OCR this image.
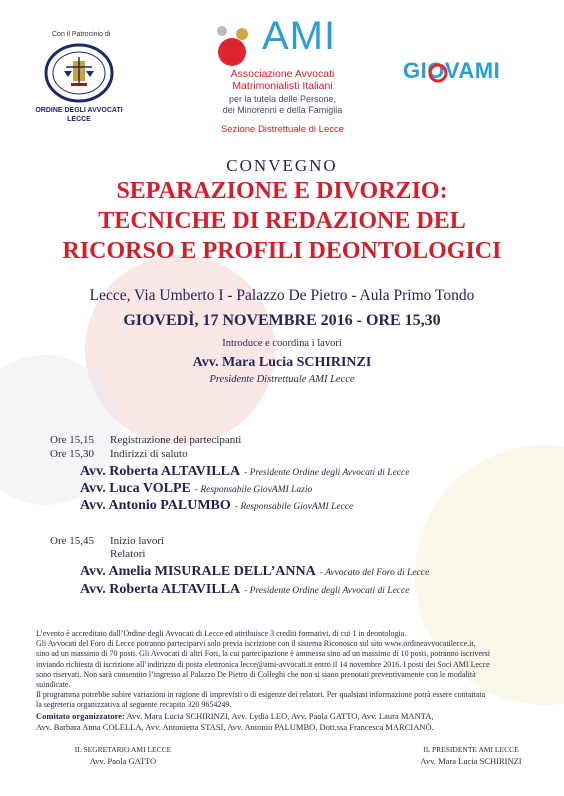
Con il Patrocinio di
ORDINE DEGLI AVVOCATI
LECCE
AMI
Associazione Avvocati
Matrimonialisti Italiani
per la tutela delle Persone,
dei Minorenni e della Famiglia
Sezione Distrettuale di Lecce
GIOVAMI
CONVEGNO
SEPARAZIONE E DIVORZIO:
TECNICHE DI REDAZIONE DEL
RICORSO E PROFILI DEONTOLOGICI
Lecce, Via Umberto I - Palazzo De Pietro - Aula Primo Tondo
GIOVEDÌ, 17 NOVEMBRE 2016 - ORE 15,30
Introduce e coordina i lavori
Avv. Mara Lucia SCHIRINZI
Presidente Distrettuale AMI Lecce
Ore 15,15 Registrazione dei partecipanti
Ore 15,30 Indirizzi di saluto
Avv. Roberta ALTAVILLA - Presidente Ordine degli Avvocati di Lecce
Avv. Luca VOLPE - Responsabile GiovAMI Lazio
Avv. Antonio PALUMBO - Responsabile GiovAMI Lecce
Ore 15,45 Inizio lavori
Relatori
Avv. Amelia MISURALE DELL’ANNA - Avvocato del Foro di Lecce
Avv. Roberta ALTAVILLA - Presidente Ordine degli Avvocati di Lecce
L’evento è accreditato dall’Ordine degli Avvocati di Lecce ed attribuisce 3 crediti formativi, di cui 1 in deontologia.
Gli Avvocati del Foro di Lecce potranno parteciparvi solo previa iscrizione con il sistema Riconosco sul sito www.ordineavvocatilecce.it,
sino ad un massimo di 70 posti. Gli Avvocati di altri Fori, la cui partecipazione è ammessa sino ad un massimo di 10 posti, potranno iscriversi
inviando richiesta di iscrizione all’indirizzo di posta elettronica lecce@ami-avvocati.it entro il 14 novembre 2016. I posti dei Soci AMI Lecce
sono riservati. Non sarà consentito l’ingresso al Palazzo De Pietro di Colleghi che non si siano prenotati preventivamente con le modalità
suindicate.
Il programma potrebbe subire variazioni in ragione di imprevisti o di esigenze dei relatori. Per qualsiasi informazione potrà essere contattata
la segreteria organizzativa al seguente recapito 320 9654249.
Comitato organizzatore: Avv. Mara Lucia SCHIRINZI, Avv. Lydia LEO, Avv. Paola GATTO, Avv. Laura MANTA,
Avv. Barbara Anna COLELLA, Avv. Antonietta STASI, Avv. Antonio PALUMBO, Dott.ssa Francesca MARCIANÒ.
IL SEGRETARIO AMI LECCE
Avv. Paola GATTO
IL PRESIDENTE AMI LECCE
Avv. Mara Lucia SCHIRINZI
